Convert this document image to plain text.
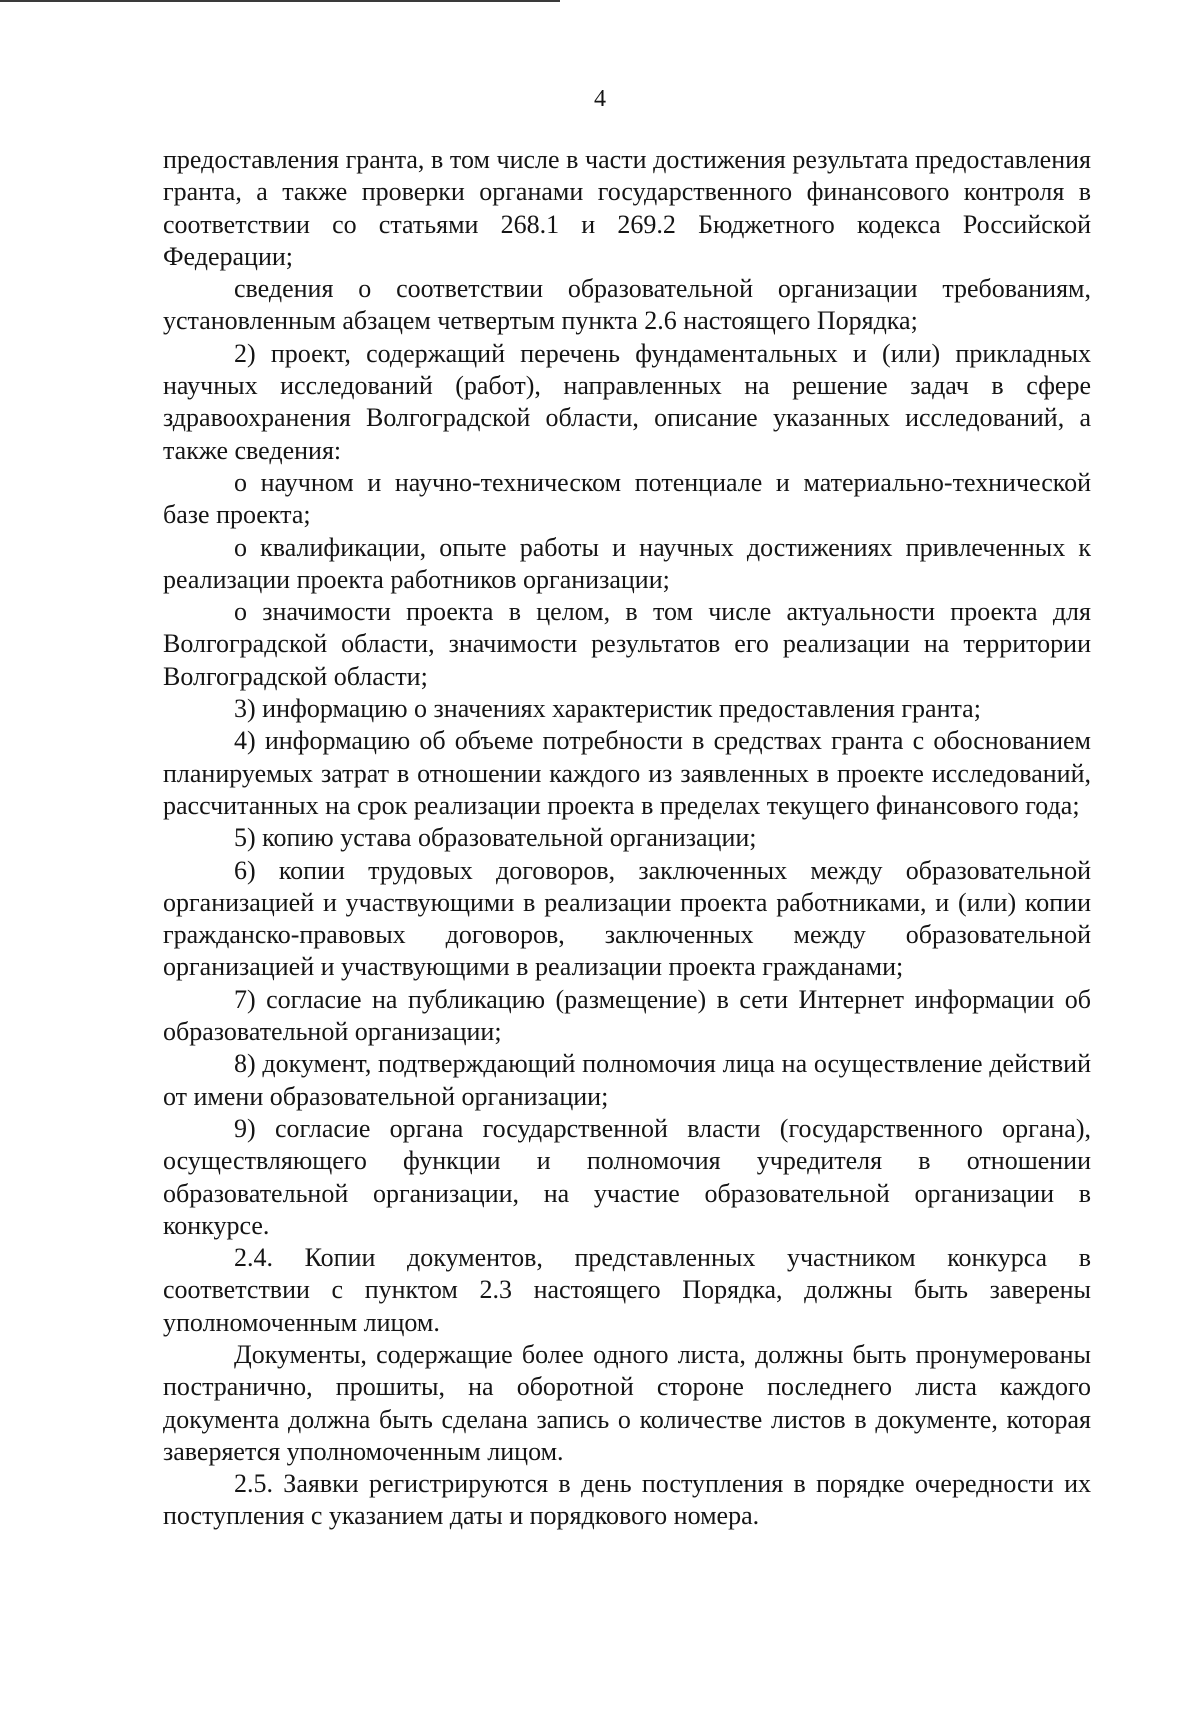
4

предоставления гранта, в том числе в части достижения результата предоставления гранта, а также проверки органами государственного финансового контроля в соответствии со статьями 268.1 и 269.2 Бюджетного кодекса Российской Федерации;

сведения о соответствии образовательной организации требованиям, установленным абзацем четвертым пункта 2.6 настоящего Порядка;

2) проект, содержащий перечень фундаментальных и (или) прикладных научных исследований (работ), направленных на решение задач в сфере здравоохранения Волгоградской области, описание указанных исследований, а также сведения:

о научном и научно-техническом потенциале и материально-технической базе проекта;

о квалификации, опыте работы и научных достижениях привлеченных к реализации проекта работников организации;

о значимости проекта в целом, в том числе актуальности проекта для Волгоградской области, значимости результатов его реализации на территории Волгоградской области;

3) информацию о значениях характеристик предоставления гранта;

4) информацию об объеме потребности в средствах гранта с обоснованием планируемых затрат в отношении каждого из заявленных в проекте исследований, рассчитанных на срок реализации проекта в пределах текущего финансового года;

5) копию устава образовательной организации;

6) копии трудовых договоров, заключенных между образовательной организацией и участвующими в реализации проекта работниками, и (или) копии гражданско-правовых договоров, заключенных между образовательной организацией и участвующими в реализации проекта гражданами;

7) согласие на публикацию (размещение) в сети Интернет информации об образовательной организации;

8) документ, подтверждающий полномочия лица на осуществление действий от имени образовательной организации;

9) согласие органа государственной власти (государственного органа), осуществляющего функции и полномочия учредителя в отношении образовательной организации, на участие образовательной организации в конкурсе.

2.4. Копии документов, представленных участником конкурса в соответствии с пунктом 2.3 настоящего Порядка, должны быть заверены уполномоченным лицом.

Документы, содержащие более одного листа, должны быть пронумерованы постранично, прошиты, на оборотной стороне последнего листа каждого документа должна быть сделана запись о количестве листов в документе, которая заверяется уполномоченным лицом.

2.5. Заявки регистрируются в день поступления в порядке очередности их поступления с указанием даты и порядкового номера.
